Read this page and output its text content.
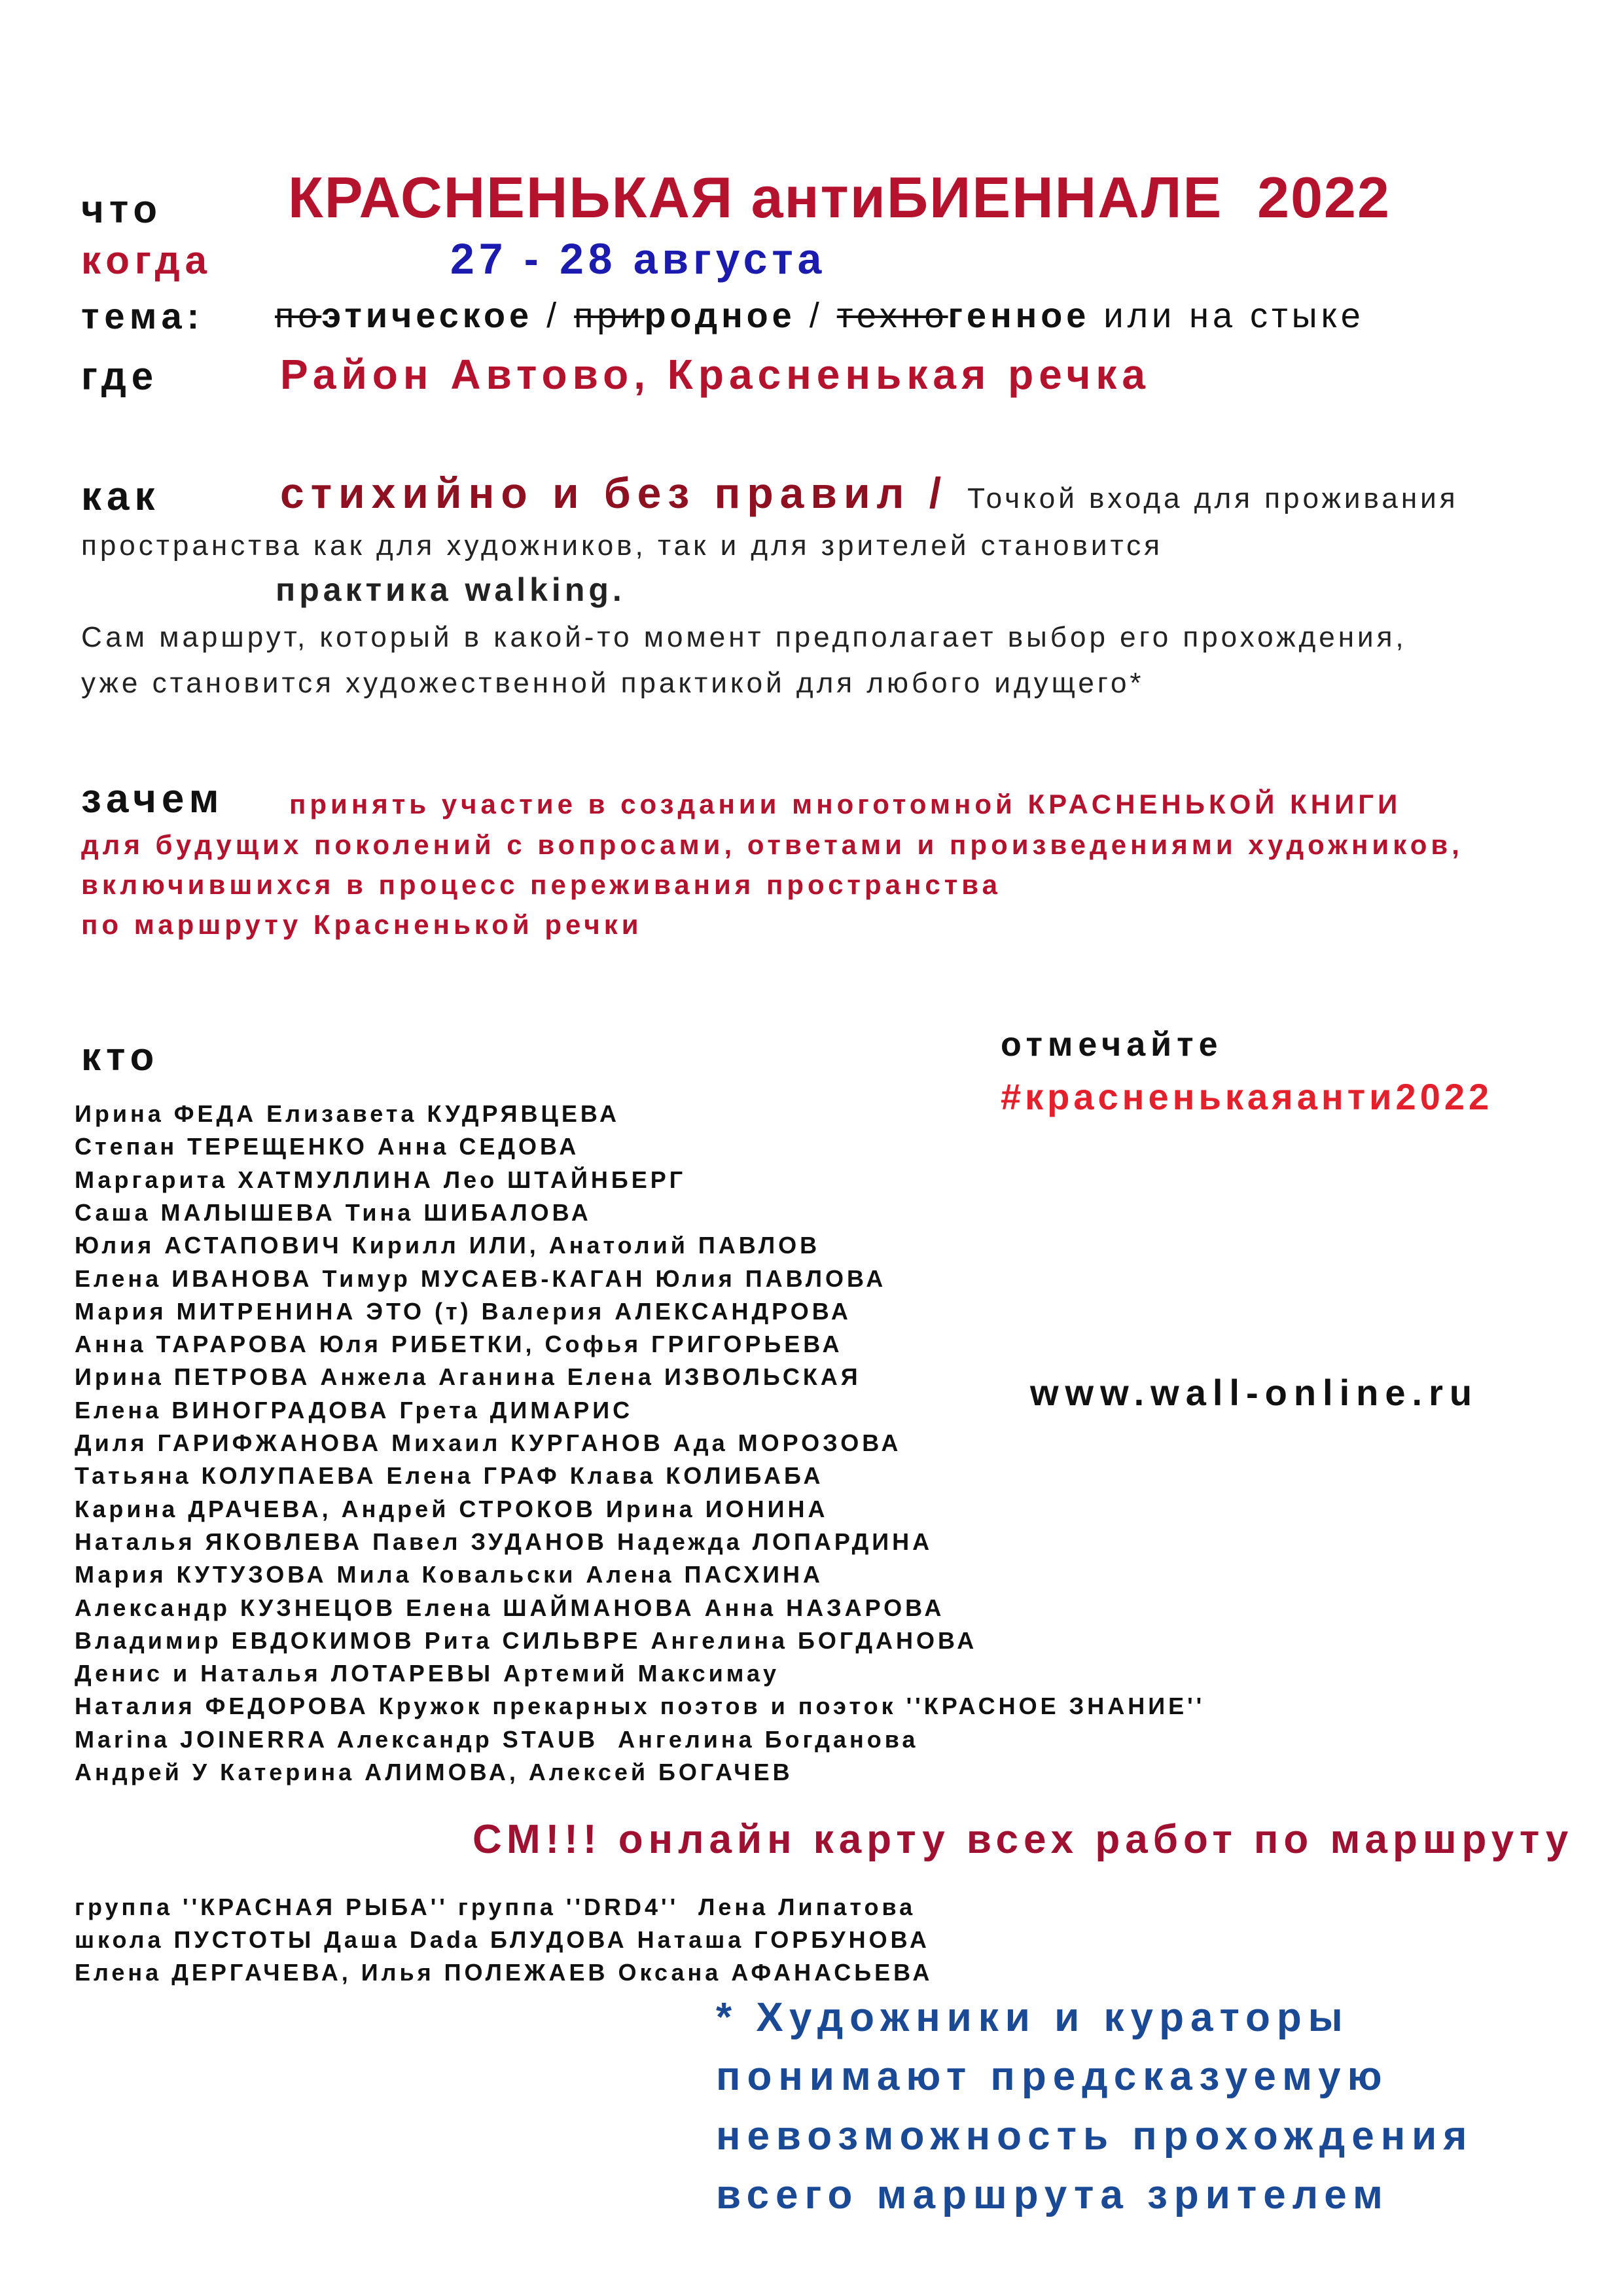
что КРАСНЕНЬКАЯ антиБИЕННАЛЕ  2022
когда	27 - 28 августа
тема: поэтическое / природное / техногенное или на стыке
где	Район Автово, Красненькая речка
как	стихийно и без правил / Точкой входа для проживания
пространства как для художников, так и для зрителей становится
практика walking.
Сам маршрут, который в какой-то момент предполагает выбор его прохождения,
уже становится художественной практикой для любого идущего*
зачем принять участие в создании многотомной КРАСНЕНЬКОЙ КНИГИ
для будущих поколений с вопросами, ответами и произведениями художников,
включившихся в процесс переживания пространства
по маршруту Красненькой речки
кто
Ирина ФЕДА Елизавета КУДРЯВЦЕВА
Степан ТЕРЕЩЕНКО Анна СЕДОВА
Маргарита ХАТМУЛЛИНА Лео ШТАЙНБЕРГ
Саша МАЛЫШЕВА Тина ШИБАЛОВА
Юлия АСТАПОВИЧ Кирилл ИЛИ, Анатолий ПАВЛОВ
Елена ИВАНОВА Тимур МУСАЕВ-КАГАН Юлия ПАВЛОВА
Мария МИТРЕНИНА ЭТО (т) Валерия АЛЕКСАНДРОВА
Анна ТАРАРОВА Юля РИБЕТКИ, Софья ГРИГОРЬЕВА
Ирина ПЕТРОВА Анжела Аганина Елена ИЗВОЛЬСКАЯ
Елена ВИНОГРАДОВА Грета ДИМАРИС
Диля ГАРИФЖАНОВА Михаил КУРГАНОВ Ада МОРОЗОВА
Татьяна КОЛУПАЕВА Елена ГРАФ Клава КОЛИБАБА
Карина ДРАЧЕВА, Андрей СТРОКОВ Ирина ИОНИНА
Наталья ЯКОВЛЕВА Павел ЗУДАНОВ Надежда ЛОПАРДИНА
Мария КУТУЗОВА Мила Ковальски Алена ПАСХИНА
Александр КУЗНЕЦОВ Елена ШАЙМАНОВА Анна НАЗАРОВА
Владимир ЕВДОКИМОВ Рита СИЛЬВРЕ Ангелина БОГДАНОВА
Денис и Наталья ЛОТАРЕВЫ Артемий Максимау
Наталия ФЕДОРОВА Кружок прекарных поэтов и поэток ''КРАСНОЕ ЗНАНИЕ''
Marina JOINERRA Александр STAUB  Ангелина Богданова
Андрей У Катерина АЛИМОВА, Алексей БОГАЧЕВ
группа ''КРАСНАЯ РЫБА'' группа ''DRD4''  Лена Липатова
школа ПУСТОТЫ Даша Dada БЛУДОВА Наташа ГОРБУНОВА
Елена ДЕРГАЧЕВА, Илья ПОЛЕЖАЕВ Оксана АФАНАСЬЕВА
отмечайте
#красненькаяанти2022
www.wall-online.ru
СМ!!! онлайн карту всех работ по маршруту
* Художники и кураторы
понимают предсказуемую
невозможность прохождения
всего маршрута зрителем
